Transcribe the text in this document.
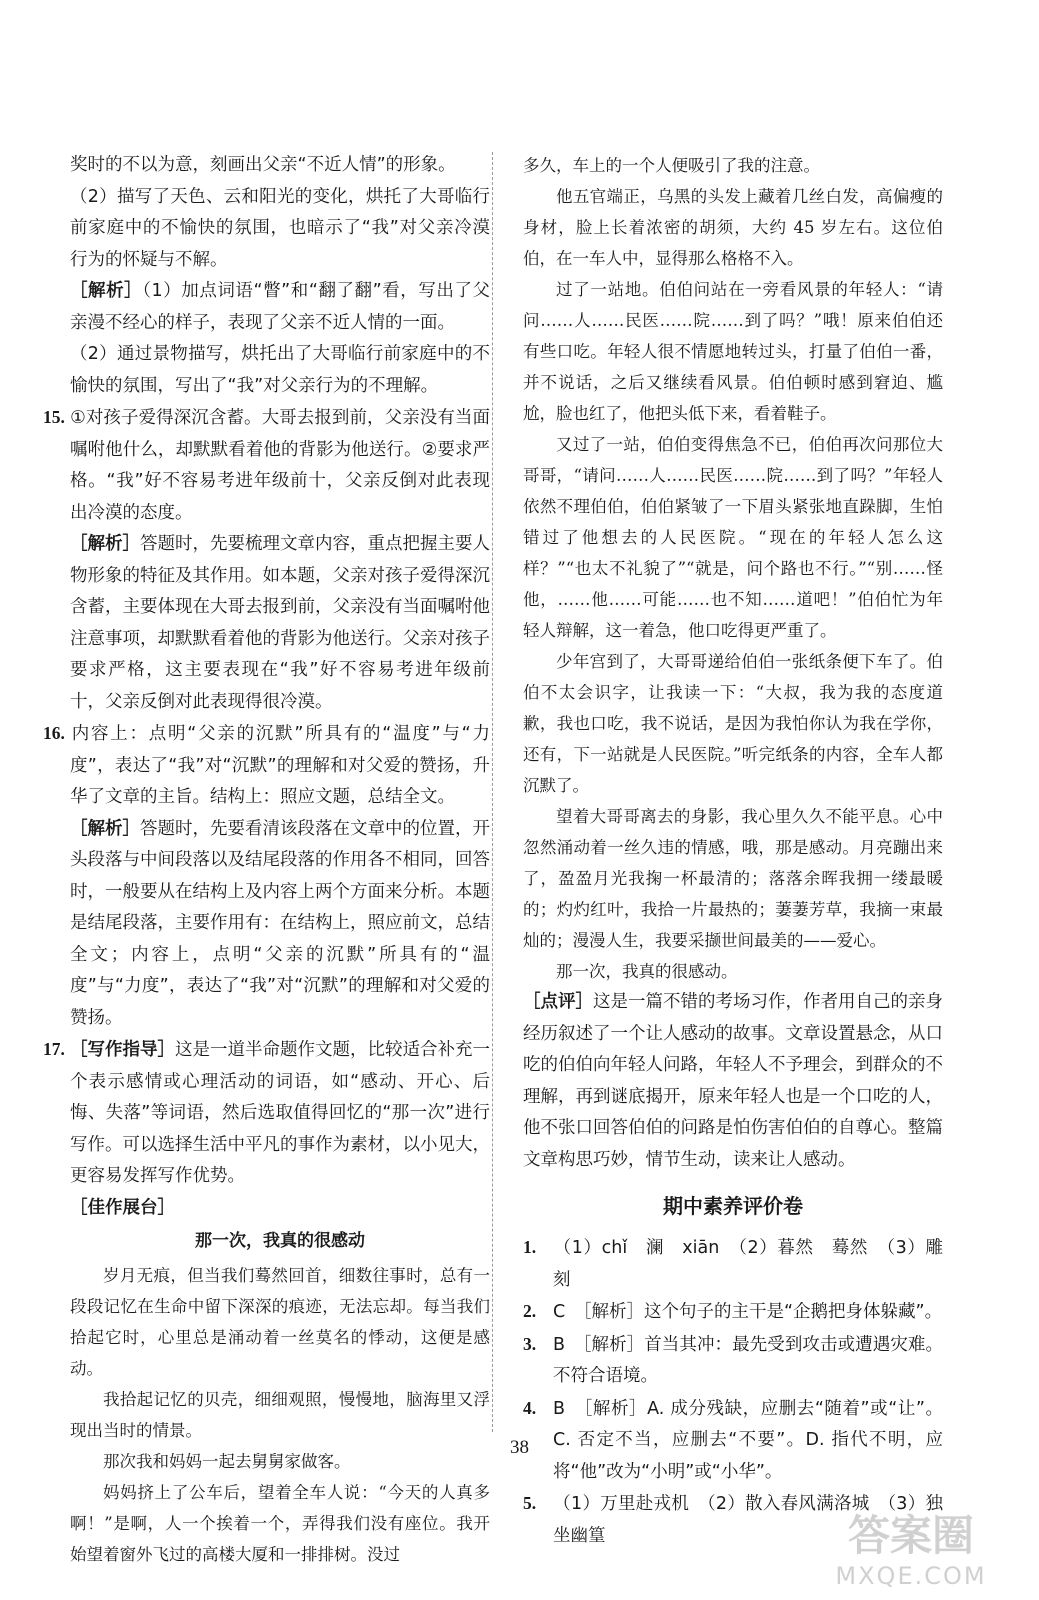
奖时的不以为意，刻画出父亲“不近人情”的形象。

（2）描写了天色、云和阳光的变化，烘托了大哥临行前家庭中的不愉快的氛围，也暗示了“我”对父亲冷漠行为的怀疑与不解。

［解析］（1）加点词语“瞥”和“翻了翻”看，写出了父亲漫不经心的样子，表现了父亲不近人情的一面。

（2）通过景物描写，烘托出了大哥临行前家庭中的不愉快的氛围，写出了“我”对父亲行为的不理解。

15. ①对孩子爱得深沉含蓄。大哥去报到前，父亲没有当面嘱咐他什么，却默默看着他的背影为他送行。②要求严格。“我”好不容易考进年级前十，父亲反倒对此表现出冷漠的态度。

［解析］答题时，先要梳理文章内容，重点把握主要人物形象的特征及其作用。如本题，父亲对孩子爱得深沉含蓄，主要体现在大哥去报到前，父亲没有当面嘱咐他注意事项，却默默看着他的背影为他送行。父亲对孩子要求严格，这主要表现在“我”好不容易考进年级前十，父亲反倒对此表现得很冷漠。

16. 内容上：点明“父亲的沉默”所具有的“温度”与“力度”，表达了“我”对“沉默”的理解和对父爱的赞扬，升华了文章的主旨。结构上：照应文题，总结全文。

［解析］答题时，先要看清该段落在文章中的位置，开头段落与中间段落以及结尾段落的作用各不相同，回答时，一般要从在结构上及内容上两个方面来分析。本题是结尾段落，主要作用有：在结构上，照应前文，总结全文；内容上，点明“父亲的沉默”所具有的“温度”与“力度”，表达了“我”对“沉默”的理解和对父爱的赞扬。

17. ［写作指导］这是一道半命题作文题，比较适合补充一个表示感情或心理活动的词语，如“感动、开心、后悔、失落”等词语，然后选取值得回忆的“那一次”进行写作。可以选择生活中平凡的事作为素材，以小见大，更容易发挥写作优势。

［佳作展台］

那一次，我真的很感动

岁月无痕，但当我们蓦然回首，细数往事时，总有一段段记忆在生命中留下深深的痕迹，无法忘却。每当我们拾起它时，心里总是涌动着一丝莫名的悸动，这便是感动。

我拾起记忆的贝壳，细细观照，慢慢地，脑海里又浮现出当时的情景。

那次我和妈妈一起去舅舅家做客。

妈妈挤上了公车后，望着全车人说：“今天的人真多啊！”是啊，人一个挨着一个，弄得我们没有座位。我开始望着窗外飞过的高楼大厦和一排排树。没过

多久，车上的一个人便吸引了我的注意。

他五官端正，乌黑的头发上藏着几丝白发，高偏瘦的身材，脸上长着浓密的胡须，大约 45 岁左右。这位伯伯，在一车人中，显得那么格格不入。

过了一站地。伯伯问站在一旁看风景的年轻人：“请问……人……民医……院……到了吗？”哦！原来伯伯还有些口吃。年轻人很不情愿地转过头，打量了伯伯一番，并不说话，之后又继续看风景。伯伯顿时感到窘迫、尴尬，脸也红了，他把头低下来，看着鞋子。

又过了一站，伯伯变得焦急不已，伯伯再次问那位大哥哥，“请问……人……民医……院……到了吗？”年轻人依然不理伯伯，伯伯紧皱了一下眉头紧张地直跺脚，生怕错过了他想去的人民医院。“现在的年轻人怎么这样？”“也太不礼貌了”“就是，问个路也不行。”“别……怪他，……他……可能……也不知……道吧！”伯伯忙为年轻人辩解，这一着急，他口吃得更严重了。

少年宫到了，大哥哥递给伯伯一张纸条便下车了。伯伯不太会识字，让我读一下：“大叔，我为我的态度道歉，我也口吃，我不说话，是因为我怕你认为我在学你，还有，下一站就是人民医院。”听完纸条的内容，全车人都沉默了。

望着大哥哥离去的身影，我心里久久不能平息。心中忽然涌动着一丝久违的情感，哦，那是感动。月亮蹦出来了，盈盈月光我掬一杯最清的；落落余晖我拥一缕最暖的；灼灼红叶，我拾一片最热的；萋萋芳草，我摘一束最灿的；漫漫人生，我要采撷世间最美的——爱心。

那一次，我真的很感动。

［点评］这是一篇不错的考场习作，作者用自己的亲身经历叙述了一个让人感动的故事。文章设置悬念，从口吃的伯伯向年轻人问路，年轻人不予理会，到群众的不理解，再到谜底揭开，原来年轻人也是一个口吃的人，他不张口回答伯伯的问路是怕伤害伯伯的自尊心。整篇文章构思巧妙，情节生动，读来让人感动。

期中素养评价卷

1. （1）chǐ　澜　xiān　（2）暮然　蓦然　（3）雕刻

2. C　［解析］这个句子的主干是“企鹅把身体躲藏”。

3. B　［解析］首当其冲：最先受到攻击或遭遇灾难。不符合语境。

4. B　［解析］A. 成分残缺，应删去“随着”或“让”。C. 否定不当，应删去“不要”。D. 指代不明，应将“他”改为“小明”或“小华”。

5. （1）万里赴戎机　（2）散入春风满洛城　（3）独坐幽篁

38
答案圈
MXQE.COM
